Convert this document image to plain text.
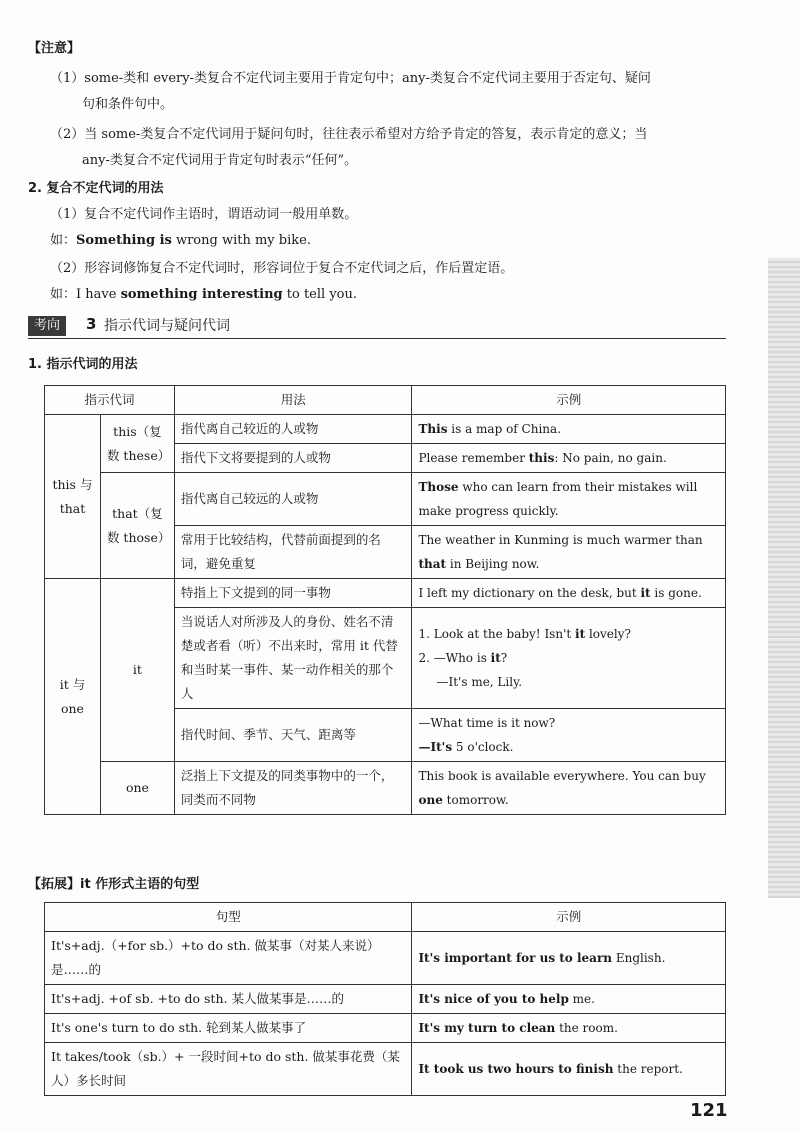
【注意】
（1）some-类和 every-类复合不定代词主要用于肯定句中；any-类复合不定代词主要用于否定句、疑问
句和条件句中。
（2）当 some-类复合不定代词用于疑问句时，往往表示希望对方给予肯定的答复，表示肯定的意义；当
any-类复合不定代词用于肯定句时表示“任何”。
2. 复合不定代词的用法
（1）复合不定代词作主语时，谓语动词一般用单数。
如：Something is wrong with my bike.
（2）形容词修饰复合不定代词时，形容词位于复合不定代词之后，作后置定语。
如：I have something interesting to tell you.
考向	3 指示代词与疑问代词
1. 指示代词的用法
指示代词		用法	示例
this 与 that	this（复数 these）	指代离自己较近的人或物	This is a map of China.
		指代下文将要提到的人或物	Please remember this: No pain, no gain.
	that（复数 those）	指代离自己较远的人或物	Those who can learn from their mistakes will make progress quickly.
		常用于比较结构，代替前面提到的名词，避免重复	The weather in Kunming is much warmer than that in Beijing now.
it 与 one	it	特指上下文提到的同一事物	I left my dictionary on the desk, but it is gone.
		当说话人对所涉及人的身份、姓名不清楚或者看（听）不出来时，常用 it 代替和当时某一事件、某一动作相关的那个人	1. Look at the baby! Isn't it lovely?
2. —Who is it?
—It's me, Lily.

		指代时间、季节、天气、距离等	—What time is it now?
—It's 5 o'clock.

	one	泛指上下文提及的同类事物中的一个，同类而不同物	This book is available everywhere. You can buy one tomorrow.
【拓展】it 作形式主语的句型
句型	示例
It's+adj.（+for sb.）+to do sth. 做某事（对某人来说）是……的	It's important for us to learn English.
It's+adj. +of sb. +to do sth. 某人做某事是……的	It's nice of you to help me.
It's one's turn to do sth. 轮到某人做某事了	It's my turn to clean the room.
It takes/took（sb.）+ 一段时间+to do sth. 做某事花费（某人）多长时间	It took us two hours to finish the report.
121
